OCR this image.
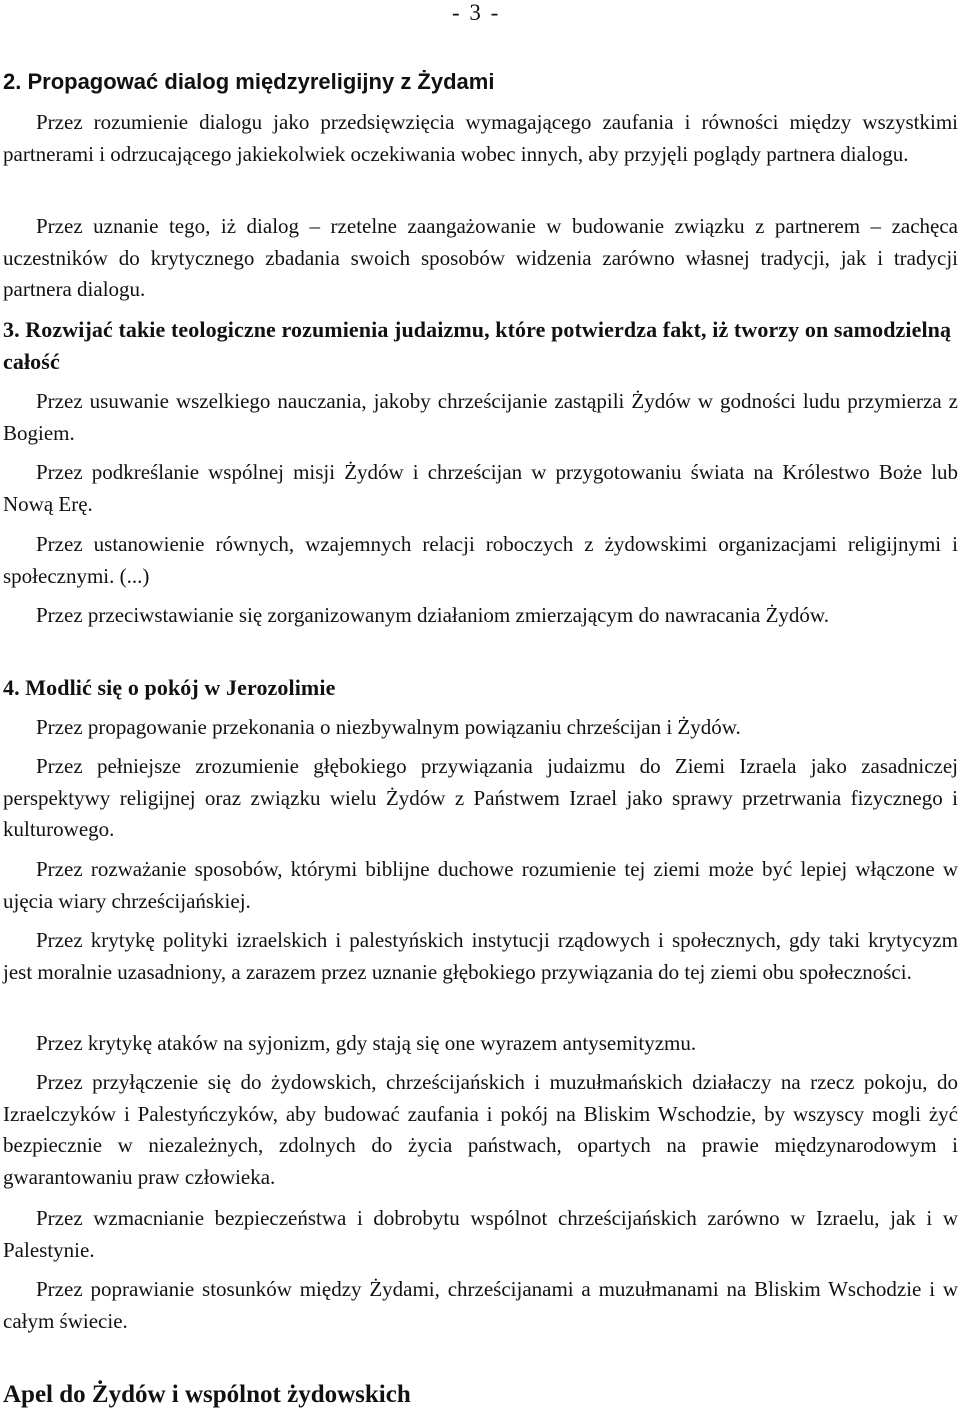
- 3 -
2. Propagować dialog międzyreligijny z Żydami

Przez rozumienie dialogu jako przedsięwzięcia wymagającego zaufania i równości między wszystkimi partnerami i odrzucającego jakiekolwiek oczekiwania wobec innych, aby przyjęli poglądy partnera dialogu.

Przez uznanie tego, iż dialog – rzetelne zaangażowanie w budowanie związku z partnerem – zachęca uczestników do krytycznego zbadania swoich sposobów widzenia zarówno własnej tradycji, jak i tradycji partnera dialogu.

3. Rozwijać takie teologiczne rozumienia judaizmu, które potwierdza fakt, iż tworzy on samodzielną całość

Przez usuwanie wszelkiego nauczania, jakoby chrześcijanie zastąpili Żydów w godności ludu przymierza z Bogiem.

Przez podkreślanie wspólnej misji Żydów i chrześcijan w przygotowaniu świata na Królestwo Boże lub Nową Erę.

Przez ustanowienie równych, wzajemnych relacji roboczych z żydowskimi organizacjami religijnymi i społecznymi. (...)

Przez przeciwstawianie się zorganizowanym działaniom zmierzającym do nawracania Żydów.

4. Modlić się o pokój w Jerozolimie

Przez propagowanie przekonania o niezbywalnym powiązaniu chrześcijan i Żydów.

Przez pełniejsze zrozumienie głębokiego przywiązania judaizmu do Ziemi Izraela jako zasadniczej perspektywy religijnej oraz związku wielu Żydów z Państwem Izrael jako sprawy przetrwania fizycznego i kulturowego.

Przez rozważanie sposobów, którymi biblijne duchowe rozumienie tej ziemi może być lepiej włączone w ujęcia wiary chrześcijańskiej.

Przez krytykę polityki izraelskich i palestyńskich instytucji rządowych i społecznych, gdy taki krytycyzm jest moralnie uzasadniony, a zarazem przez uznanie głębokiego przywiązania do tej ziemi obu społeczności.

Przez krytykę ataków na syjonizm, gdy stają się one wyrazem antysemityzmu.

Przez przyłączenie się do żydowskich, chrześcijańskich i muzułmańskich działaczy na rzecz pokoju, do Izraelczyków i Palestyńczyków, aby budować zaufania i pokój na Bliskim Wschodzie, by wszyscy mogli żyć bezpiecznie w niezależnych, zdolnych do życia państwach, opartych na prawie międzynarodowym i gwarantowaniu praw człowieka.

Przez wzmacnianie bezpieczeństwa i dobrobytu wspólnot chrześcijańskich zarówno w Izraelu, jak i w Palestynie.

Przez poprawianie stosunków między Żydami, chrześcijanami a muzułmanami na Bliskim Wschodzie i w całym świecie.

Apel do Żydów i wspólnot żydowskich
